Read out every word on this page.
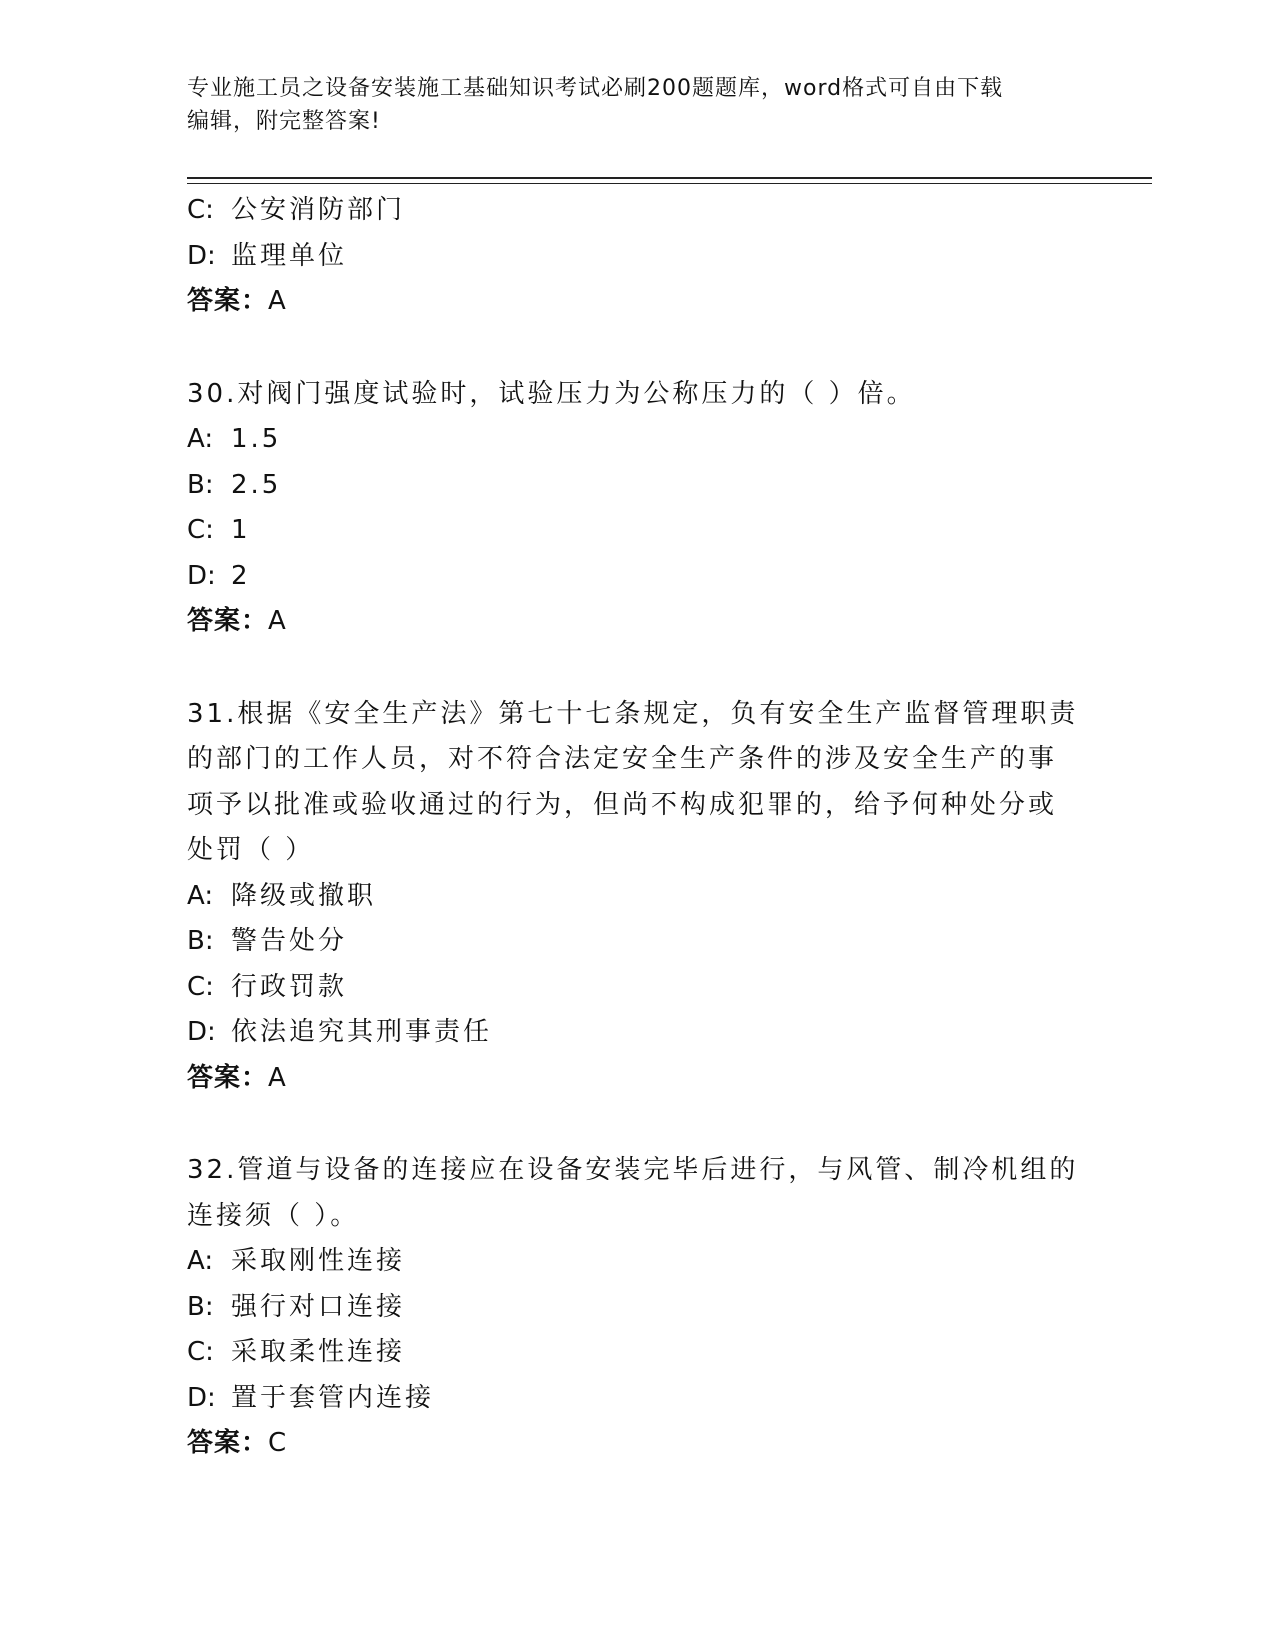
专业施工员之设备安装施工基础知识考试必刷200题题库，word格式可自由下载
编辑，附完整答案!
C: 公安消防部门
D: 监理单位
答案：A
30.对阀门强度试验时，试验压力为公称压力的（ ）倍。
A: 1.5
B: 2.5
C: 1
D: 2
答案：A
31.根据《安全生产法》第七十七条规定，负有安全生产监督管理职责
的部门的工作人员，对不符合法定安全生产条件的涉及安全生产的事
项予以批准或验收通过的行为，但尚不构成犯罪的，给予何种处分或
处罚（ ）
A: 降级或撤职
B: 警告处分
C: 行政罚款
D: 依法追究其刑事责任
答案：A
32.管道与设备的连接应在设备安装完毕后进行，与风管、制冷机组的
连接须（ ）。
A: 采取刚性连接
B: 强行对口连接
C: 采取柔性连接
D: 置于套管内连接
答案：C
